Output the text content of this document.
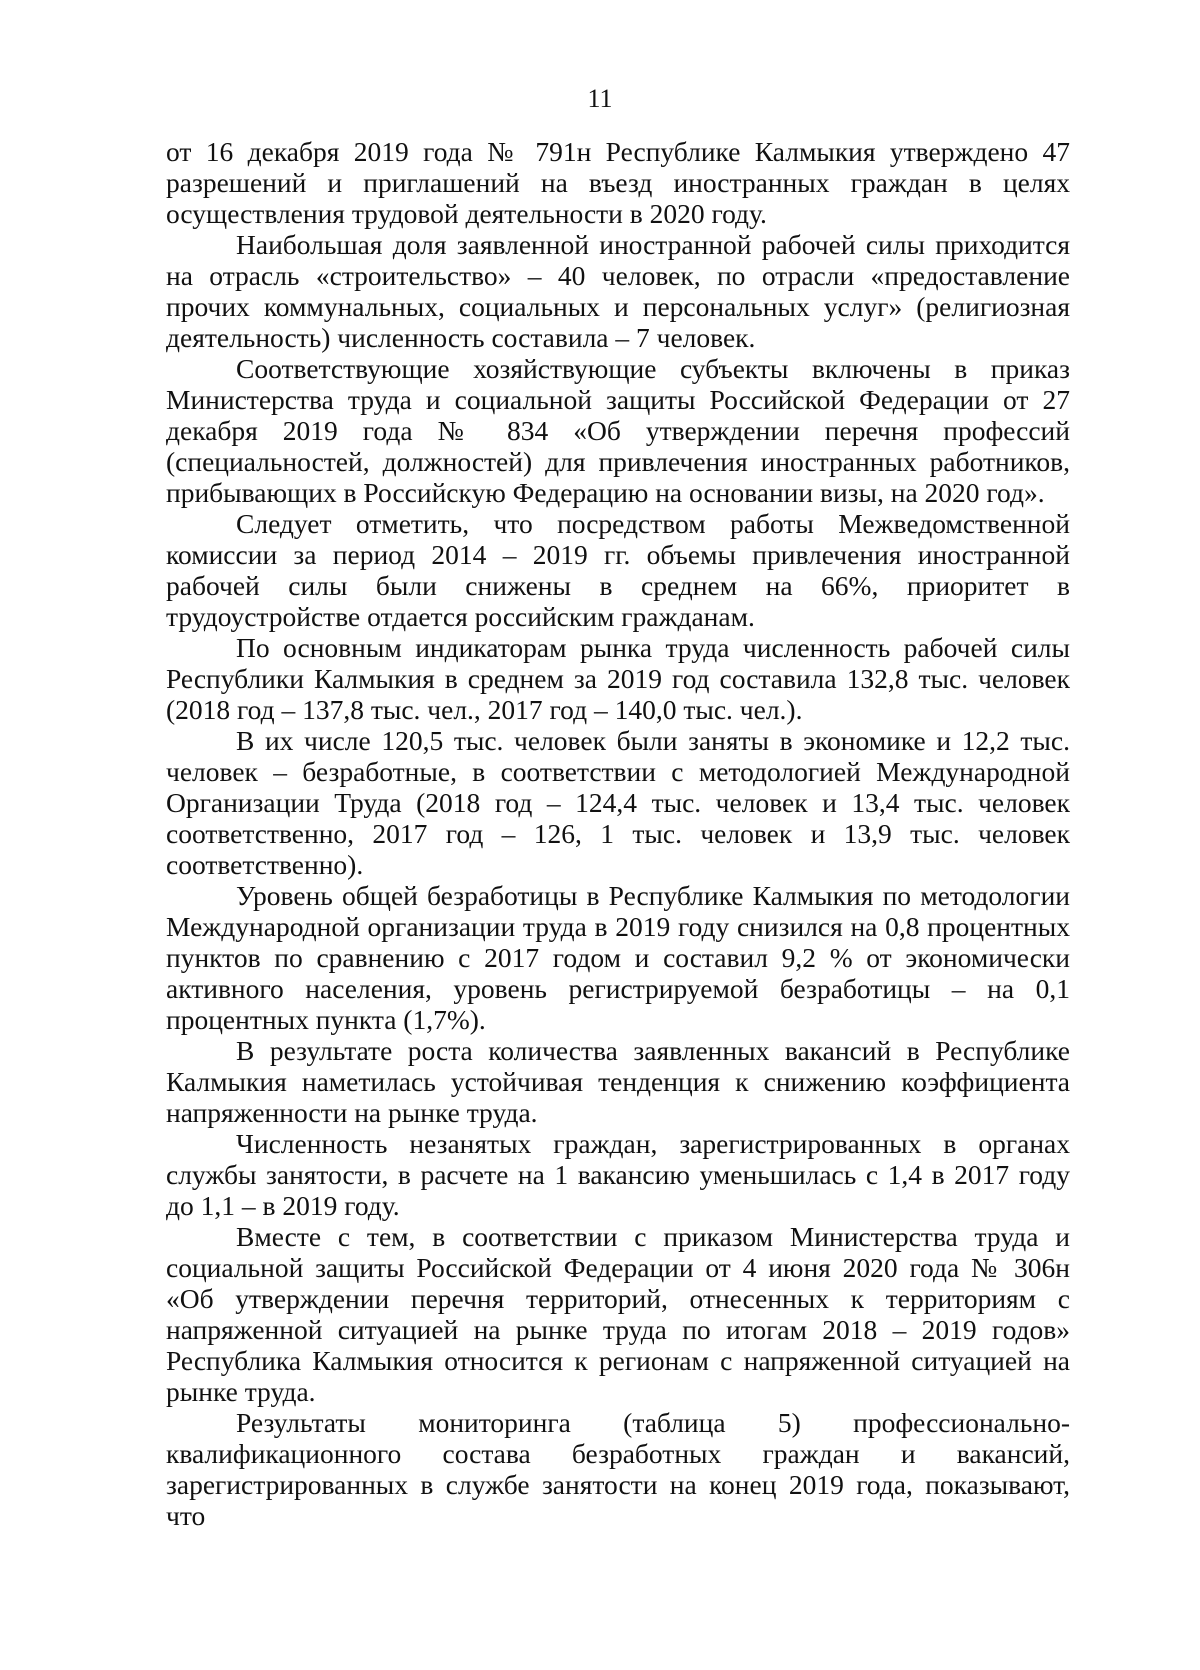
11

от 16 декабря 2019 года № 791н Республике Калмыкия утверждено 47 разрешений и приглашений на въезд иностранных граждан в целях осуществления трудовой деятельности в 2020 году.

Наибольшая доля заявленной иностранной рабочей силы приходится на отрасль «строительство» – 40 человек, по отрасли «предоставление прочих коммунальных, социальных и персональных услуг» (религиозная деятельность) численность составила – 7 человек.

Соответствующие хозяйствующие субъекты включены в приказ Министерства труда и социальной защиты Российской Федерации от 27 декабря 2019 года № 834 «Об утверждении перечня профессий (специальностей, должностей) для привлечения иностранных работников, прибывающих в Российскую Федерацию на основании визы, на 2020 год».

Следует отметить, что посредством работы Межведомственной комиссии за период 2014 – 2019 гг. объемы привлечения иностранной рабочей силы были снижены в среднем на 66%, приоритет в трудоустройстве отдается российским гражданам.

По основным индикаторам рынка труда численность рабочей силы Республики Калмыкия в среднем за 2019 год составила 132,8 тыс. человек (2018 год – 137,8 тыс. чел., 2017 год – 140,0 тыс. чел.).

В их числе 120,5 тыс. человек были заняты в экономике и 12,2 тыс. человек – безработные, в соответствии с методологией Международной Организации Труда (2018 год – 124,4 тыс. человек и 13,4 тыс. человек соответственно, 2017 год – 126, 1 тыс. человек и 13,9 тыс. человек соответственно).

Уровень общей безработицы в Республике Калмыкия по методологии Международной организации труда в 2019 году снизился на 0,8 процентных пунктов по сравнению с 2017 годом и составил 9,2 % от экономически активного населения, уровень регистрируемой безработицы – на 0,1 процентных пункта (1,7%).

В результате роста количества заявленных вакансий в Республике Калмыкия наметилась устойчивая тенденция к снижению коэффициента напряженности на рынке труда.

Численность незанятых граждан, зарегистрированных в органах службы занятости, в расчете на 1 вакансию уменьшилась с 1,4 в 2017 году до 1,1 – в 2019 году.

Вместе с тем, в соответствии с приказом Министерства труда и социальной защиты Российской Федерации от 4 июня 2020 года № 306н «Об утверждении перечня территорий, отнесенных к территориям с напряженной ситуацией на рынке труда по итогам 2018 – 2019 годов» Республика Калмыкия относится к регионам с напряженной ситуацией на рынке труда.

Результаты мониторинга (таблица 5) профессионально-квалификационного состава безработных граждан и вакансий, зарегистрированных в службе занятости на конец 2019 года, показывают, что
